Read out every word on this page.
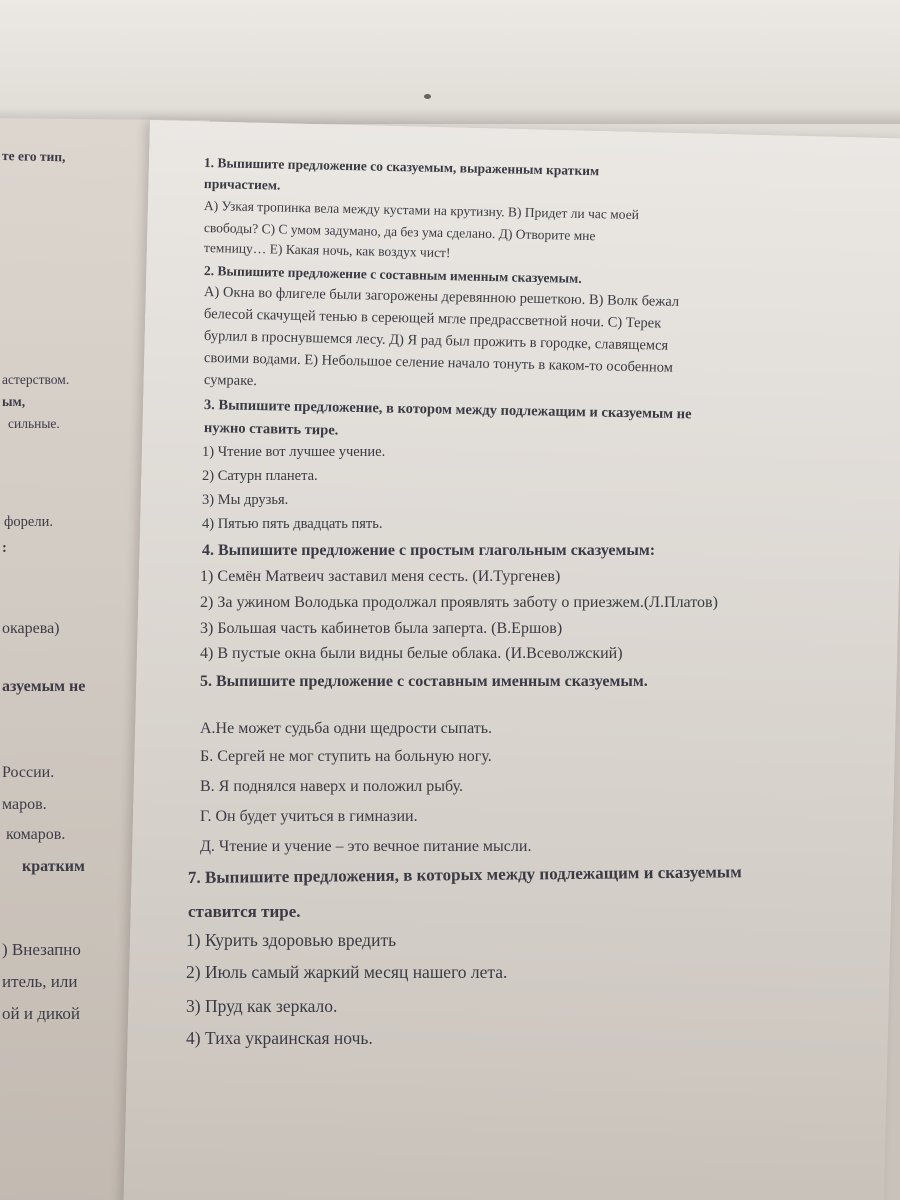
те его тип,
астерством.
ым,
сильные.
форели.
:
окарева)
азуемым не
России.
маров.
комаров.
кратким
) Внезапно
итель, или
ой и дикой
1. Выпишите предложение со сказуемым, выраженным кратким
причастием.
А) Узкая тропинка вела между кустами на крутизну. В) Придет ли час моей
свободы? С) С умом задумано, да без ума сделано. Д) Отворите мне
темницу… Е) Какая ночь, как воздух чист!
2. Выпишите предложение с составным именным сказуемым.
А) Окна во флигеле были загорожены деревянною решеткою. В) Волк бежал
белесой скачущей тенью в сереющей мгле предрассветной ночи. С) Терек
бурлил в проснувшемся лесу. Д) Я рад был прожить в городке, славящемся
своими водами. Е) Небольшое селение начало тонуть в каком-то особенном
сумраке.
3. Выпишите предложение, в котором между подлежащим и сказуемым не
нужно ставить тире.
1) Чтение вот лучшее учение.
2) Сатурн планета.
3) Мы друзья.
4) Пятью пять двадцать пять.
4. Выпишите предложение с простым глагольным сказуемым:
1) Семён Матвеич заставил меня сесть. (И.Тургенев)
2) За ужином Володька продолжал проявлять заботу о приезжем.(Л.Платов)
3) Большая часть кабинетов была заперта. (В.Ершов)
4) В пустые окна были видны белые облака. (И.Всеволжский)
5. Выпишите предложение с составным именным сказуемым.
А.Не может судьба одни щедрости сыпать.
Б. Сергей не мог ступить на больную ногу.
В. Я поднялся наверх и положил рыбу.
Г. Он будет учиться в гимназии.
Д. Чтение и учение – это вечное питание мысли.
7. Выпишите предложения, в которых между подлежащим и сказуемым
ставится тире.
1) Курить здоровью вредить
2) Июль самый жаркий месяц нашего лета.
3) Пруд как зеркало.
4) Тиха украинская ночь.
